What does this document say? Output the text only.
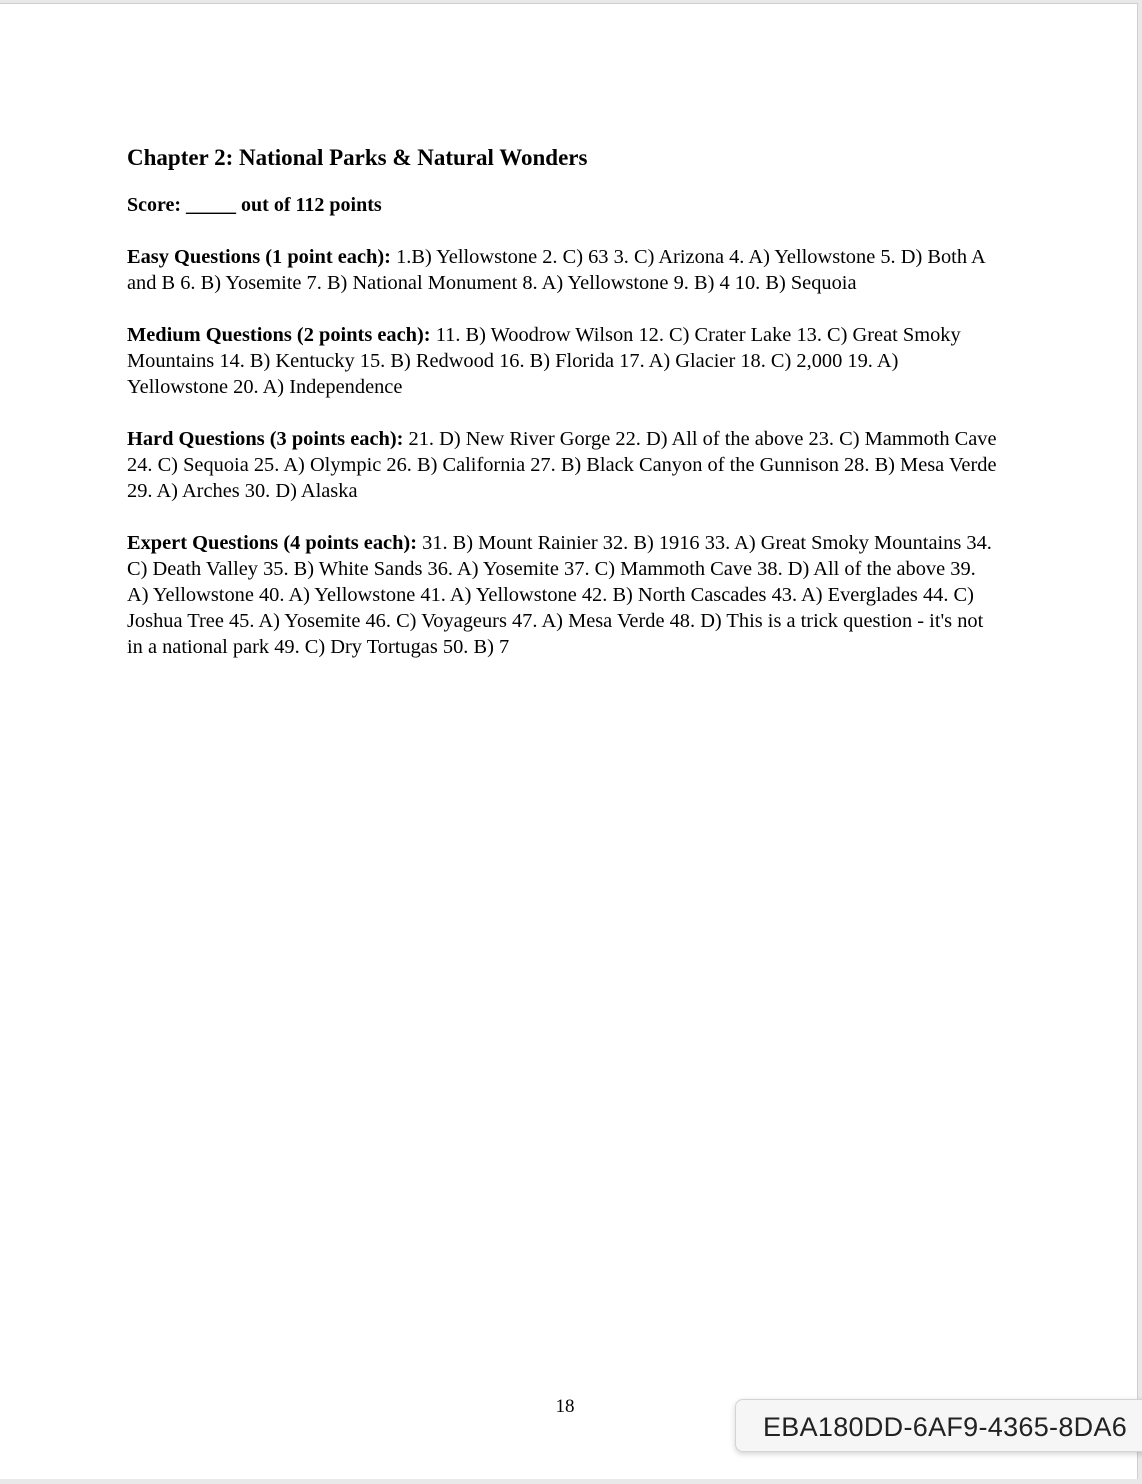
Chapter 2: National Parks & Natural Wonders

Score: _____ out of 112 points

Easy Questions (1 point each): 1.B) Yellowstone 2. C) 63 3. C) Arizona 4. A) Yellowstone 5. D) Both A and B 6. B) Yosemite 7. B) National Monument 8. A) Yellowstone 9. B) 4 10. B) Sequoia

Medium Questions (2 points each): 11. B) Woodrow Wilson 12. C) Crater Lake 13. C) Great Smoky Mountains 14. B) Kentucky 15. B) Redwood 16. B) Florida 17. A) Glacier 18. C) 2,000 19. A) Yellowstone 20. A) Independence

Hard Questions (3 points each): 21. D) New River Gorge 22. D) All of the above 23. C) Mammoth Cave 24. C) Sequoia 25. A) Olympic 26. B) California 27. B) Black Canyon of the Gunnison 28. B) Mesa Verde 29. A) Arches 30. D) Alaska

Expert Questions (4 points each): 31. B) Mount Rainier 32. B) 1916 33. A) Great Smoky Mountains 34. C) Death Valley 35. B) White Sands 36. A) Yosemite 37. C) Mammoth Cave 38. D) All of the above 39. A) Yellowstone 40. A) Yellowstone 41. A) Yellowstone 42. B) North Cascades 43. A) Everglades 44. C) Joshua Tree 45. A) Yosemite 46. C) Voyageurs 47. A) Mesa Verde 48. D) This is a trick question - it's not in a national park 49. C) Dry Tortugas 50. B) 7

18
EBA180DD-6AF9-4365-8DA6
